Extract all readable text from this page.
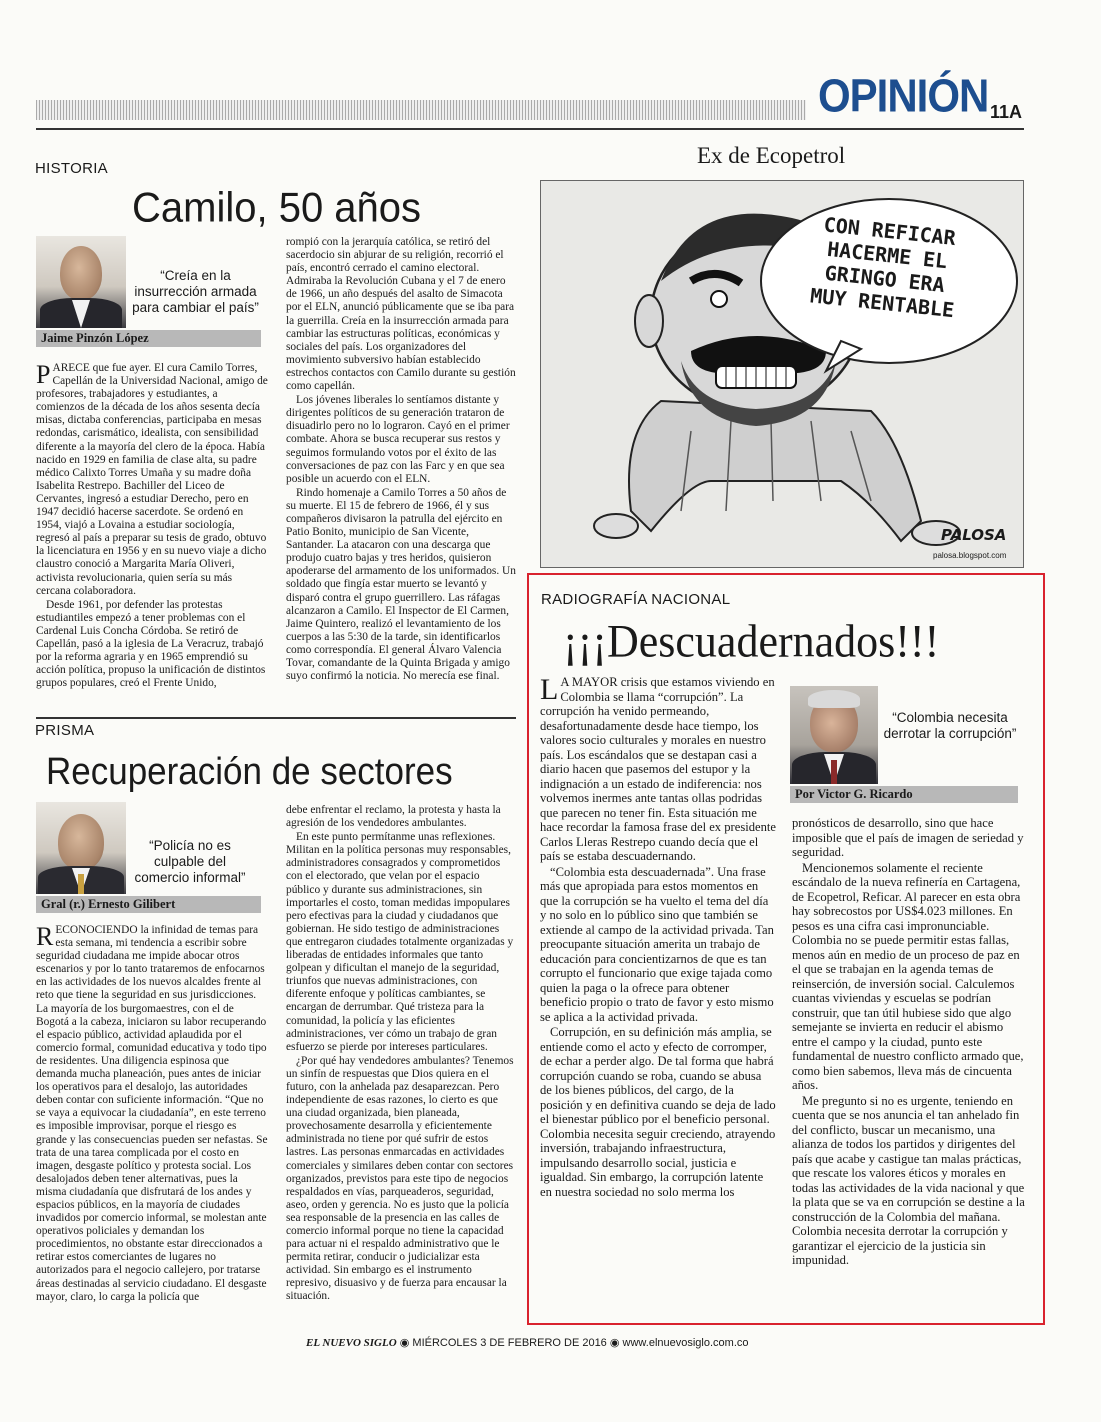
OPINIÓN 11A
HISTORIA
Camilo, 50 años
“Creía en la insurrección armada para cambiar el país”
Jaime Pinzón López

PARECE que fue ayer. El cura Camilo Torres, Capellán de la Universidad Nacional, amigo de profesores, trabajadores y estudiantes, a comienzos de la década de los años sesenta decía misas, dictaba conferencias, participaba en mesas redondas, carismático, idealista, con sensibilidad diferente a la mayoría del clero de la época. Había nacido en 1929 en familia de clase alta, su padre médico Calixto Torres Umaña y su madre doña Isabelita Restrepo. Bachiller del Liceo de Cervantes, ingresó a estudiar Derecho, pero en 1947 decidió hacerse sacerdote. Se ordenó en 1954, viajó a Lovaina a estudiar sociología, regresó al país a preparar su tesis de grado, obtuvo la licenciatura en 1956 y en su nuevo viaje a dicho claustro conoció a Margarita María Oliveri, activista revolucionaria, quien sería su más cercana colaboradora.

Desde 1961, por defender las protestas estudiantiles empezó a tener problemas con el Cardenal Luis Concha Córdoba. Se retiró de Capellán, pasó a la iglesia de La Veracruz, trabajó por la reforma agraria y en 1965 emprendió su acción política, propuso la unificación de distintos grupos populares, creó el Frente Unido,

rompió con la jerarquía católica, se retiró del sacerdocio sin abjurar de su religión, recorrió el país, encontró cerrado el camino electoral. Admiraba la Revolución Cubana y el 7 de enero de 1966, un año después del asalto de Simacota por el ELN, anunció públicamente que se iba para la guerrilla. Creía en la insurrección armada para cambiar las estructuras políticas, económicas y sociales del país. Los organizadores del movimiento subversivo habían establecido estrechos contactos con Camilo durante su gestión como capellán.

Los jóvenes liberales lo sentíamos distante y dirigentes políticos de su generación trataron de disuadirlo pero no lo lograron. Cayó en el primer combate. Ahora se busca recuperar sus restos y seguimos formulando votos por el éxito de las conversaciones de paz con las Farc y en que sea posible un acuerdo con el ELN.

Rindo homenaje a Camilo Torres a 50 años de su muerte. El 15 de febrero de 1966, él y sus compañeros divisaron la patrulla del ejército en Patio Bonito, municipio de San Vicente, Santander. La atacaron con una descarga que produjo cuatro bajas y tres heridos, quisieron apoderarse del armamento de los uniformados. Un soldado que fingía estar muerto se levantó y disparó contra el grupo guerrillero. Las ráfagas alcanzaron a Camilo. El Inspector de El Carmen, Jaime Quintero, realizó el levantamiento de los cuerpos a las 5:30 de la tarde, sin identificarlos como correspondía. El general Álvaro Valencia Tovar, comandante de la Quinta Brigada y amigo suyo confirmó la noticia. No merecía ese final.

PRISMA
Recuperación de sectores
“Policía no es culpable del comercio informal”
Gral (r.) Ernesto Gilibert

RECONOCIENDO la infinidad de temas para esta semana, mi tendencia a escribir sobre seguridad ciudadana me impide abocar otros escenarios y por lo tanto trataremos de enfocarnos en las actividades de los nuevos alcaldes frente al reto que tiene la seguridad en sus jurisdicciones. La mayoría de los burgomaestres, con el de Bogotá a la cabeza, iniciaron su labor recuperando el espacio público, actividad aplaudida por el comercio formal, comunidad educativa y todo tipo de residentes. Una diligencia espinosa que demanda mucha planeación, pues antes de iniciar los operativos para el desalojo, las autoridades deben contar con suficiente información. “Que no se vaya a equivocar la ciudadanía”, en este terreno es imposible improvisar, porque el riesgo es grande y las consecuencias pueden ser nefastas. Se trata de una tarea complicada por el costo en imagen, desgaste político y protesta social. Los desalojados deben tener alternativas, pues la misma ciudadanía que disfrutará de los andes y espacios públicos, en la mayoría de ciudades invadidos por comercio informal, se molestan ante operativos policiales y demandan los procedimientos, no obstante estar direccionados a retirar estos comerciantes de lugares no autorizados para el negocio callejero, por tratarse áreas destinadas al servicio ciudadano. El desgaste mayor, claro, lo carga la policía que

debe enfrentar el reclamo, la protesta y hasta la agresión de los vendedores ambulantes.

En este punto permítanme unas reflexiones. Militan en la política personas muy responsables, administradores consagrados y comprometidos con el electorado, que velan por el espacio público y durante sus administraciones, sin importarles el costo, toman medidas impopulares pero efectivas para la ciudad y ciudadanos que gobiernan. He sido testigo de administraciones que entregaron ciudades totalmente organizadas y liberadas de entidades informales que tanto golpean y dificultan el manejo de la seguridad, triunfos que nuevas administraciones, con diferente enfoque y políticas cambiantes, se encargan de derrumbar. Qué tristeza para la comunidad, la policía y las eficientes administraciones, ver cómo un trabajo de gran esfuerzo se pierde por intereses particulares.

¿Por qué hay vendedores ambulantes? Tenemos un sinfín de respuestas que Dios quiera en el futuro, con la anhelada paz desaparezcan. Pero independiente de esas razones, lo cierto es que una ciudad organizada, bien planeada, provechosamente desarrolla y eficientemente administrada no tiene por qué sufrir de estos lastres. Las personas enmarcadas en actividades comerciales y similares deben contar con sectores organizados, previstos para este tipo de negocios respaldados en vías, parqueaderos, seguridad, aseo, orden y gerencia. No es justo que la policía sea responsable de la presencia en las calles de comercio informal porque no tiene la capacidad para actuar ni el respaldo administrativo que le permita retirar, conducir o judicializar esta actividad. Sin embargo es el instrumento represivo, disuasivo y de fuerza para encausar la situación.

Ex de Ecopetrol
CON REFICAR HACERME EL GRINGO ERA MUY RENTABLE
PALOSA
palosa.blogspot.com
RADIOGRAFÍA NACIONAL
¡¡¡Descuadernados!!!
“Colombia necesita derrotar la corrupción”
Por Victor G. Ricardo

L A MAYOR crisis que estamos viviendo en Colombia se llama “corrupción”. La corrupción ha venido permeando, desafortunadamente desde hace tiempo, los valores socio culturales y morales en nuestro país. Los escándalos que se destapan casi a diario hacen que pasemos del estupor y la indignación a un estado de indiferencia: nos volvemos inermes ante tantas ollas podridas que parecen no tener fin. Esta situación me hace recordar la famosa frase del ex presidente Carlos Lleras Restrepo cuando decía que el país se estaba descuadernando.

“Colombia esta descuadernada”. Una frase más que apropiada para estos momentos en que la corrupción se ha vuelto el tema del día y no solo en lo público sino que también se extiende al campo de la actividad privada. Tan preocupante situación amerita un trabajo de educación para concientizarnos de que es tan corrupto el funcionario que exige tajada como quien la paga o la ofrece para obtener beneficio propio o trato de favor y esto mismo se aplica a la actividad privada.

Corrupción, en su definición más amplia, se entiende como el acto y efecto de corromper, de echar a perder algo. De tal forma que habrá corrupción cuando se roba, cuando se abusa de los bienes públicos, del cargo, de la posición y en definitiva cuando se deja de lado el bienestar público por el beneficio personal. Colombia necesita seguir creciendo, atrayendo inversión, trabajando infraestructura, impulsando desarrollo social, justicia e igualdad. Sin embargo, la corrupción latente en nuestra sociedad no solo merma los

pronósticos de desarrollo, sino que hace imposible que el país de imagen de seriedad y seguridad.

Mencionemos solamente el reciente escándalo de la nueva refinería en Cartagena, de Ecopetrol, Reficar. Al parecer en esta obra hay sobrecostos por US$4.023 millones. En pesos es una cifra casi impronunciable. Colombia no se puede permitir estas fallas, menos aún en medio de un proceso de paz en el que se trabajan en la agenda temas de reinserción, de inversión social. Calculemos cuantas viviendas y escuelas se podrían construir, que tan útil hubiese sido que algo semejante se invierta en reducir el abismo entre el campo y la ciudad, punto este fundamental de nuestro conflicto armado que, como bien sabemos, lleva más de cincuenta años.

Me pregunto si no es urgente, teniendo en cuenta que se nos anuncia el tan anhelado fin del conflicto, buscar un mecanismo, una alianza de todos los partidos y dirigentes del país que acabe y castigue tan malas prácticas, que rescate los valores éticos y morales en todas las actividades de la vida nacional y que la plata que se va en corrupción se destine a la construcción de la Colombia del mañana. Colombia necesita derrotar la corrupción y garantizar el ejercicio de la justicia sin impunidad.

EL NUEVO SIGLO ◉ MIÉRCOLES 3 DE FEBRERO DE 2016 ◉ www.elnuevosiglo.com.co
